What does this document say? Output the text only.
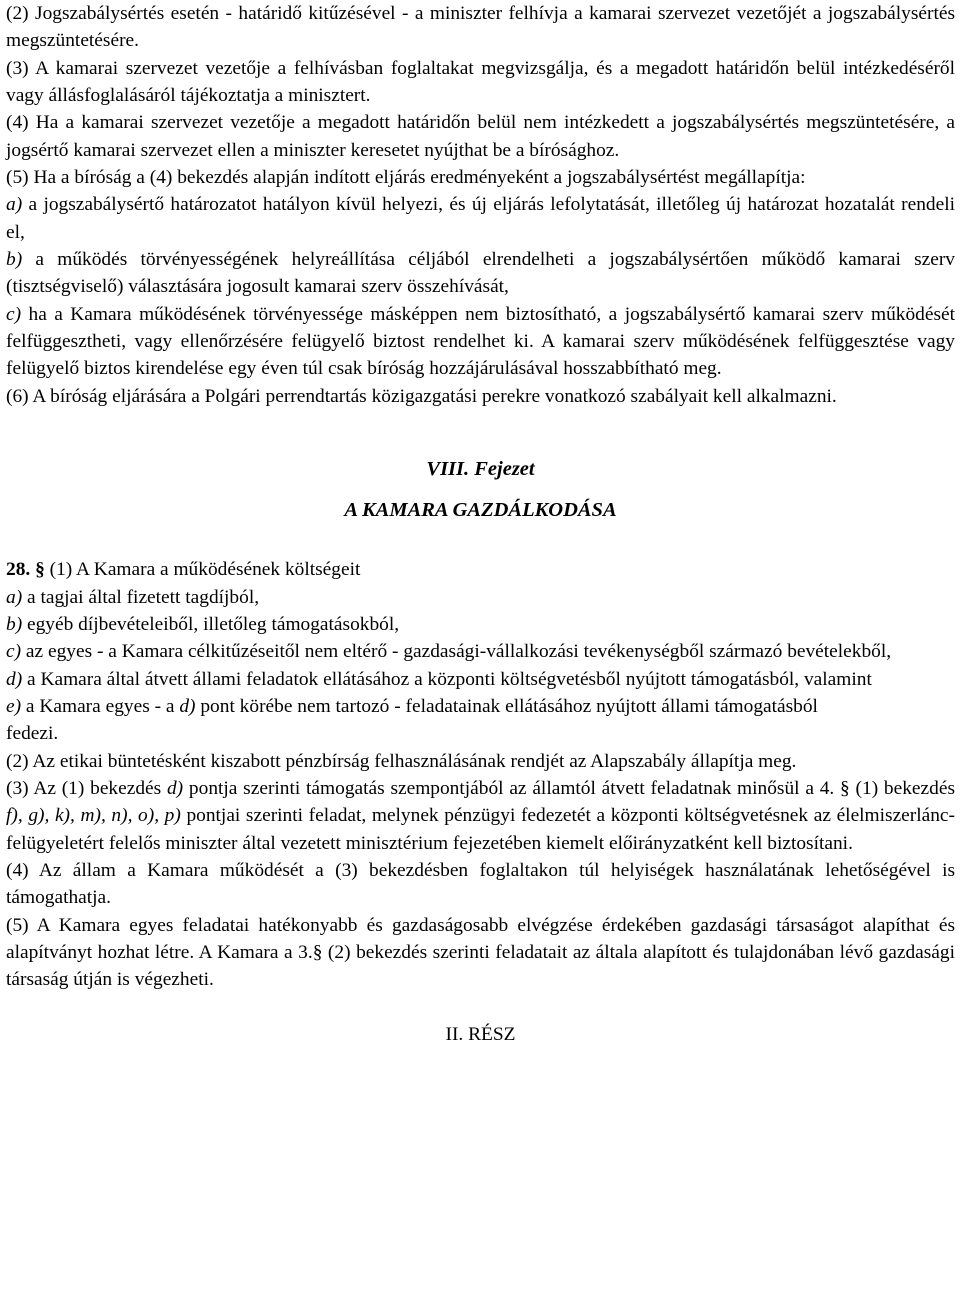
(2) Jogszabálysértés esetén - határidő kitűzésével - a miniszter felhívja a kamarai szervezet vezetőjét a jogszabálysértés megszüntetésére.

(3) A kamarai szervezet vezetője a felhívásban foglaltakat megvizsgálja, és a megadott határidőn belül intézkedéséről vagy állásfoglalásáról tájékoztatja a minisztert.

(4) Ha a kamarai szervezet vezetője a megadott határidőn belül nem intézkedett a jogszabálysértés megszüntetésére, a jogsértő kamarai szervezet ellen a miniszter keresetet nyújthat be a bírósághoz.

(5) Ha a bíróság a (4) bekezdés alapján indított eljárás eredményeként a jogszabálysértést megállapítja:

a) a jogszabálysértő határozatot hatályon kívül helyezi, és új eljárás lefolytatását, illetőleg új határozat hozatalát rendeli el,

b) a működés törvényességének helyreállítása céljából elrendelheti a jogszabálysértően működő kamarai szerv (tisztségviselő) választására jogosult kamarai szerv összehívását,

c) ha a Kamara működésének törvényessége másképpen nem biztosítható, a jogszabálysértő kamarai szerv működését felfüggesztheti, vagy ellenőrzésére felügyelő biztost rendelhet ki. A kamarai szerv működésének felfüggesztése vagy felügyelő biztos kirendelése egy éven túl csak bíróság hozzájárulásával hosszabbítható meg.

(6) A bíróság eljárására a Polgári perrendtartás közigazgatási perekre vonatkozó szabályait kell alkalmazni.

VIII. Fejezet

A KAMARA GAZDÁLKODÁSA

28. § (1) A Kamara a működésének költségeit

a) a tagjai által fizetett tagdíjból,

b) egyéb díjbevételeiből, illetőleg támogatásokból,

c) az egyes - a Kamara célkitűzéseitől nem eltérő - gazdasági-vállalkozási tevékenységből származó bevételekből,

d) a Kamara által átvett állami feladatok ellátásához a központi költségvetésből nyújtott támogatásból, valamint

e) a Kamara egyes - a d) pont körébe nem tartozó - feladatainak ellátásához nyújtott állami támogatásból

fedezi.

(2) Az etikai büntetésként kiszabott pénzbírság felhasználásának rendjét az Alapszabály állapítja meg.

(3) Az (1) bekezdés d) pontja szerinti támogatás szempontjából az államtól átvett feladatnak minősül a 4. § (1) bekezdés f), g), k), m), n), o), p) pontjai szerinti feladat, melynek pénzügyi fedezetét a központi költségvetésnek az élelmiszerlánc-felügyeletért felelős miniszter által vezetett minisztérium fejezetében kiemelt előirányzatként kell biztosítani.

(4) Az állam a Kamara működését a (3) bekezdésben foglaltakon túl helyiségek használatának lehetőségével is támogathatja.

(5) A Kamara egyes feladatai hatékonyabb és gazdaságosabb elvégzése érdekében gazdasági társaságot alapíthat és alapítványt hozhat létre. A Kamara a 3.§ (2) bekezdés szerinti feladatait az általa alapított és tulajdonában lévő gazdasági társaság útján is végezheti.

II. RÉSZ
